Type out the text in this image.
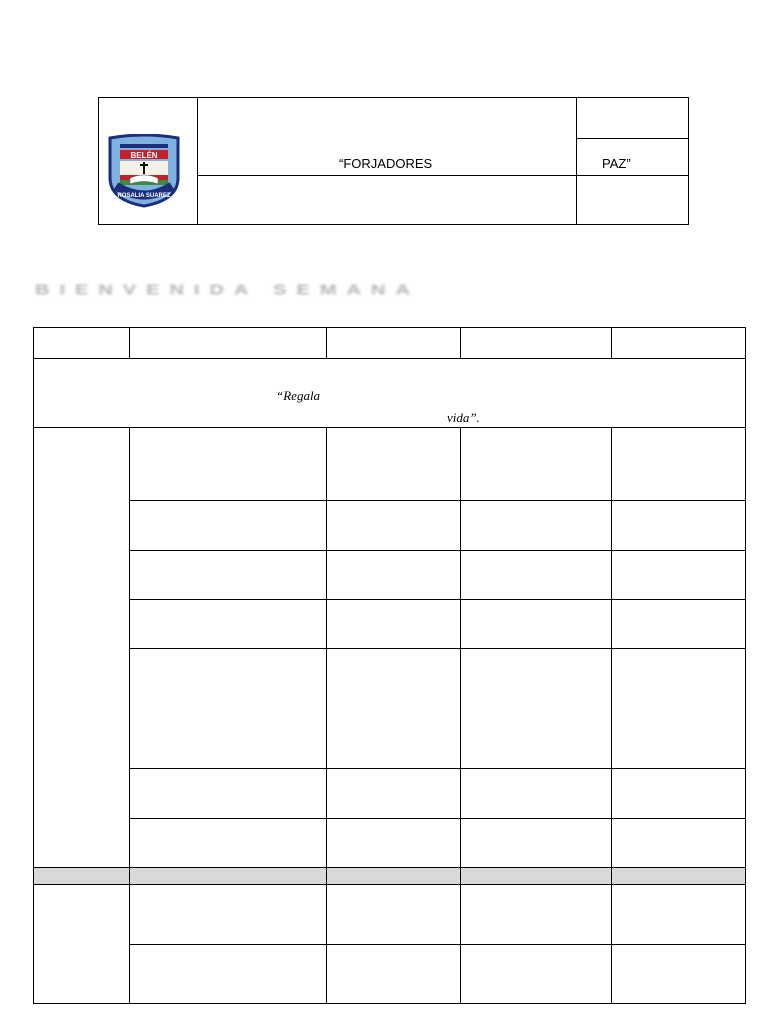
BELÉN
ROSALIA SUAREZ
“FORJADORES	PAZ”
BIENVENIDA SEMANA
“Regala
vida”.
